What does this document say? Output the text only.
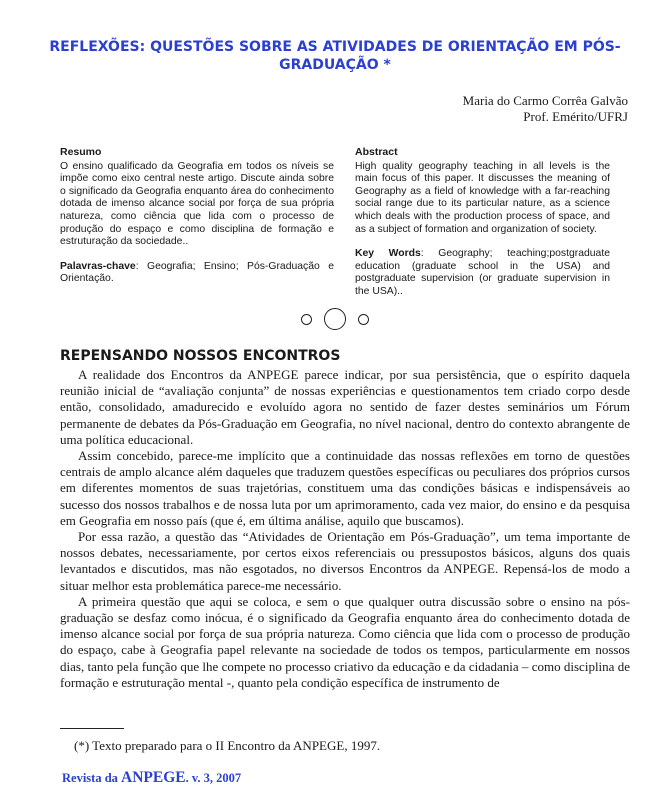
REFLEXÕES: QUESTÕES SOBRE AS ATIVIDADES DE ORIENTAÇÃO EM PÓS-GRADUAÇÃO *
Maria do Carmo Corrêa Galvão
Prof. Emérito/UFRJ
Resumo

O ensino qualificado da Geografia em todos os níveis se impõe como eixo central neste artigo. Discute ainda sobre o significado da Geografia enquanto área do conhecimento dotada de imenso alcance social por força de sua própria natureza, como ciência que lida com o processo de produção do espaço e como disciplina de formação e estruturação da sociedade..

Palavras-chave: Geografia; Ensino; Pós-Graduação e Orientação.

Abstract

High quality geography teaching in all levels is the main focus of this paper. It discusses the meaning of Geography as a field of knowledge with a far-reaching social range due to its particular nature, as a science which deals with the production process of space, and as a subject of formation and organization of society.

Key Words: Geography; teaching;postgraduate education (graduate school in the USA) and postgraduate supervision (or graduate supervision in the USA)..

REPENSANDO NOSSOS ENCONTROS

A realidade dos Encontros da ANPEGE parece indicar, por sua persistência, que o espírito daquela reunião inicial de “avaliação conjunta” de nossas experiências e questionamentos tem criado corpo desde então, consolidado, amadurecido e evoluído agora no sentido de fazer destes seminários um Fórum permanente de debates da Pós-Graduação em Geografia, no nível nacional, dentro do contexto abrangente de uma política educacional.

Assim concebido, parece-me implícito que a continuidade das nossas reflexões em torno de questões centrais de amplo alcance além daqueles que traduzem questões específicas ou peculiares dos próprios cursos em diferentes momentos de suas trajetórias, constituem uma das condições básicas e indispensáveis ao sucesso dos nossos trabalhos e de nossa luta por um aprimoramento, cada vez maior, do ensino e da pesquisa em Geografia em nosso país (que é, em última análise, aquilo que buscamos).

Por essa razão, a questão das “Atividades de Orientação em Pós-Graduação”, um tema importante de nossos debates, necessariamente, por certos eixos referenciais ou pressupostos básicos, alguns dos quais levantados e discutidos, mas não esgotados, no diversos Encontros da ANPEGE. Repensá-los de modo a situar melhor esta problemática parece-me necessário.

A primeira questão que aqui se coloca, e sem o que qualquer outra discussão sobre o ensino na pós-graduação se desfaz como inócua, é o significado da Geografia enquanto área do conhecimento dotada de imenso alcance social por força de sua própria natureza. Como ciência que lida com o processo de produção do espaço, cabe à Geografia papel relevante na sociedade de todos os tempos, particularmente em nossos dias, tanto pela função que lhe compete no processo criativo da educação e da cidadania – como disciplina de formação e estruturação mental -, quanto pela condição específica de instrumento de

(*) Texto preparado para o II Encontro da ANPEGE, 1997.
Revista da ANPEGE. v. 3, 2007
